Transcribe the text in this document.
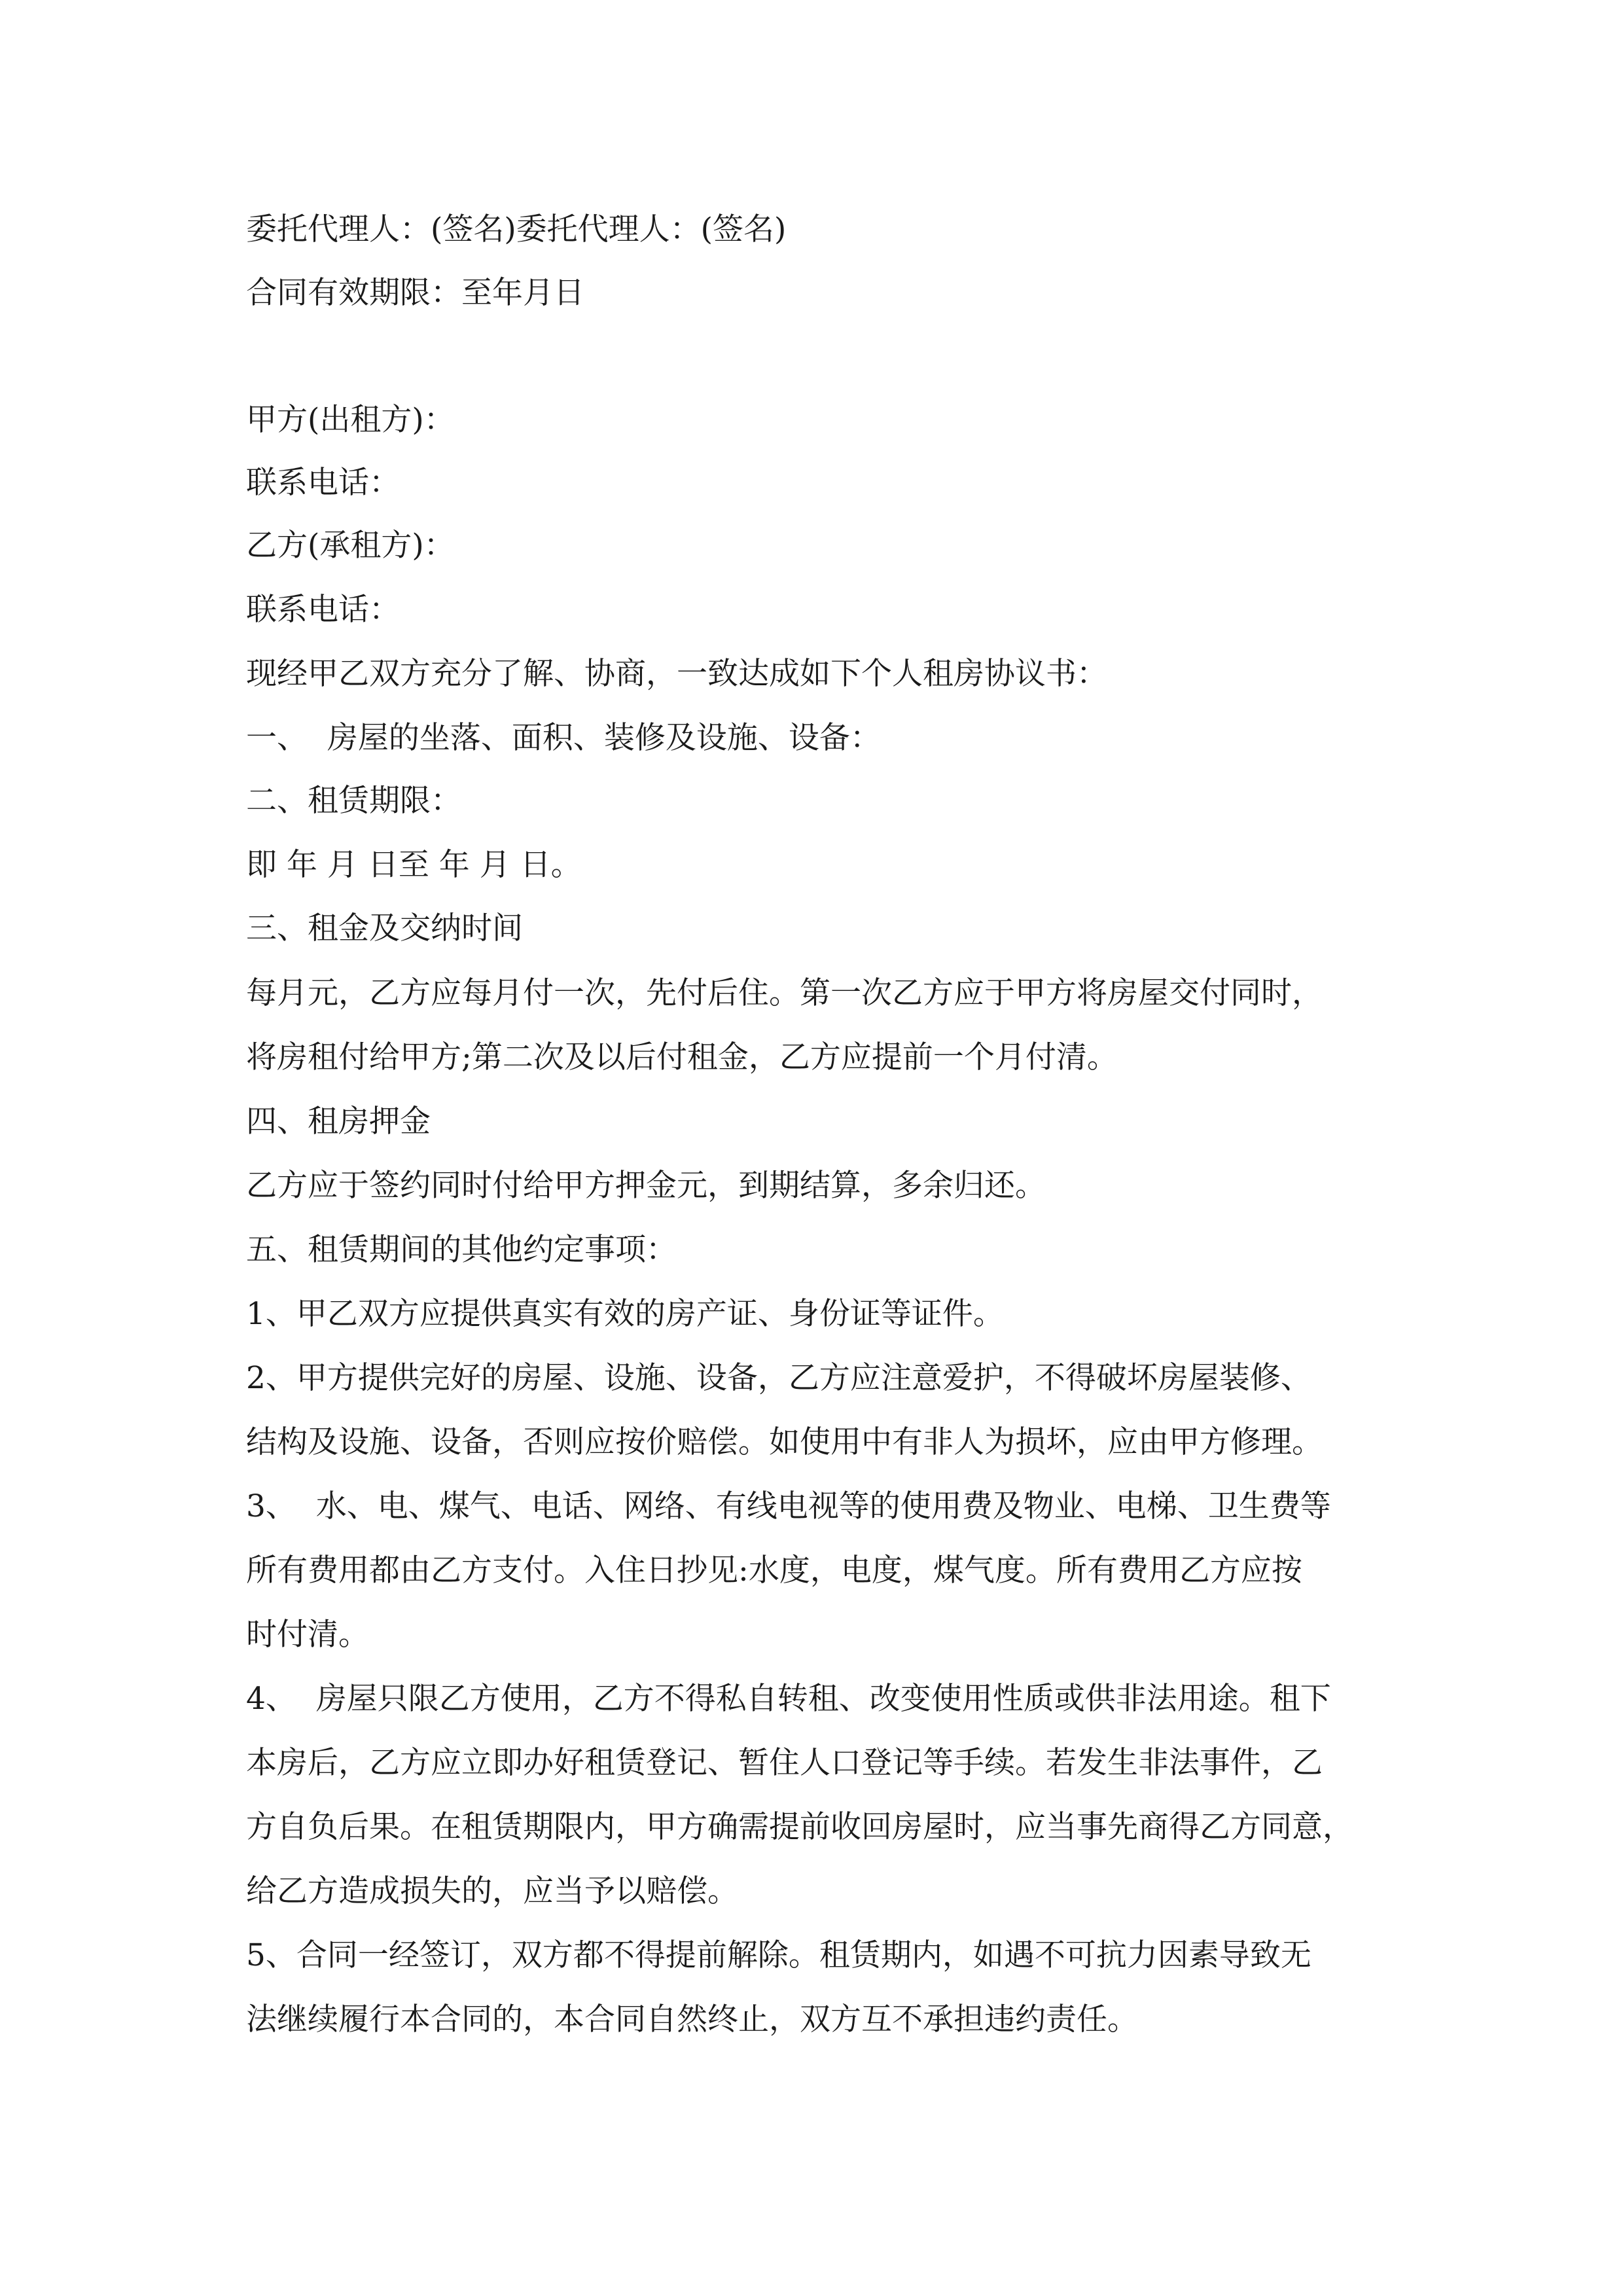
委托代理人：(签名)委托代理人：(签名)
合同有效期限：至年月日
甲方(出租方)：
联系电话：
乙方(承租方)：
联系电话：
现经甲乙双方充分了解、协商，一致达成如下个人租房协议书：
一、  房屋的坐落、面积、装修及设施、设备：
二、租赁期限：
即 年 月 日至 年 月 日。
三、租金及交纳时间
每月元，乙方应每月付一次，先付后住。第一次乙方应于甲方将房屋交付同时，
将房租付给甲方;第二次及以后付租金，乙方应提前一个月付清。
四、租房押金
乙方应于签约同时付给甲方押金元，到期结算，多余归还。
五、租赁期间的其他约定事项：
1、甲乙双方应提供真实有效的房产证、身份证等证件。
2、甲方提供完好的房屋、设施、设备，乙方应注意爱护，不得破坏房屋装修、
结构及设施、设备，否则应按价赔偿。如使用中有非人为损坏，应由甲方修理。
3、  水、电、煤气、电话、网络、有线电视等的使用费及物业、电梯、卫生费等
所有费用都由乙方支付。入住日抄见:水度，电度，煤气度。所有费用乙方应按
时付清。
4、  房屋只限乙方使用，乙方不得私自转租、改变使用性质或供非法用途。租下
本房后，乙方应立即办好租赁登记、暂住人口登记等手续。若发生非法事件，乙
方自负后果。在租赁期限内，甲方确需提前收回房屋时，应当事先商得乙方同意，
给乙方造成损失的，应当予以赔偿。
5、合同一经签订，双方都不得提前解除。租赁期内，如遇不可抗力因素导致无
法继续履行本合同的，本合同自然终止，双方互不承担违约责任。
